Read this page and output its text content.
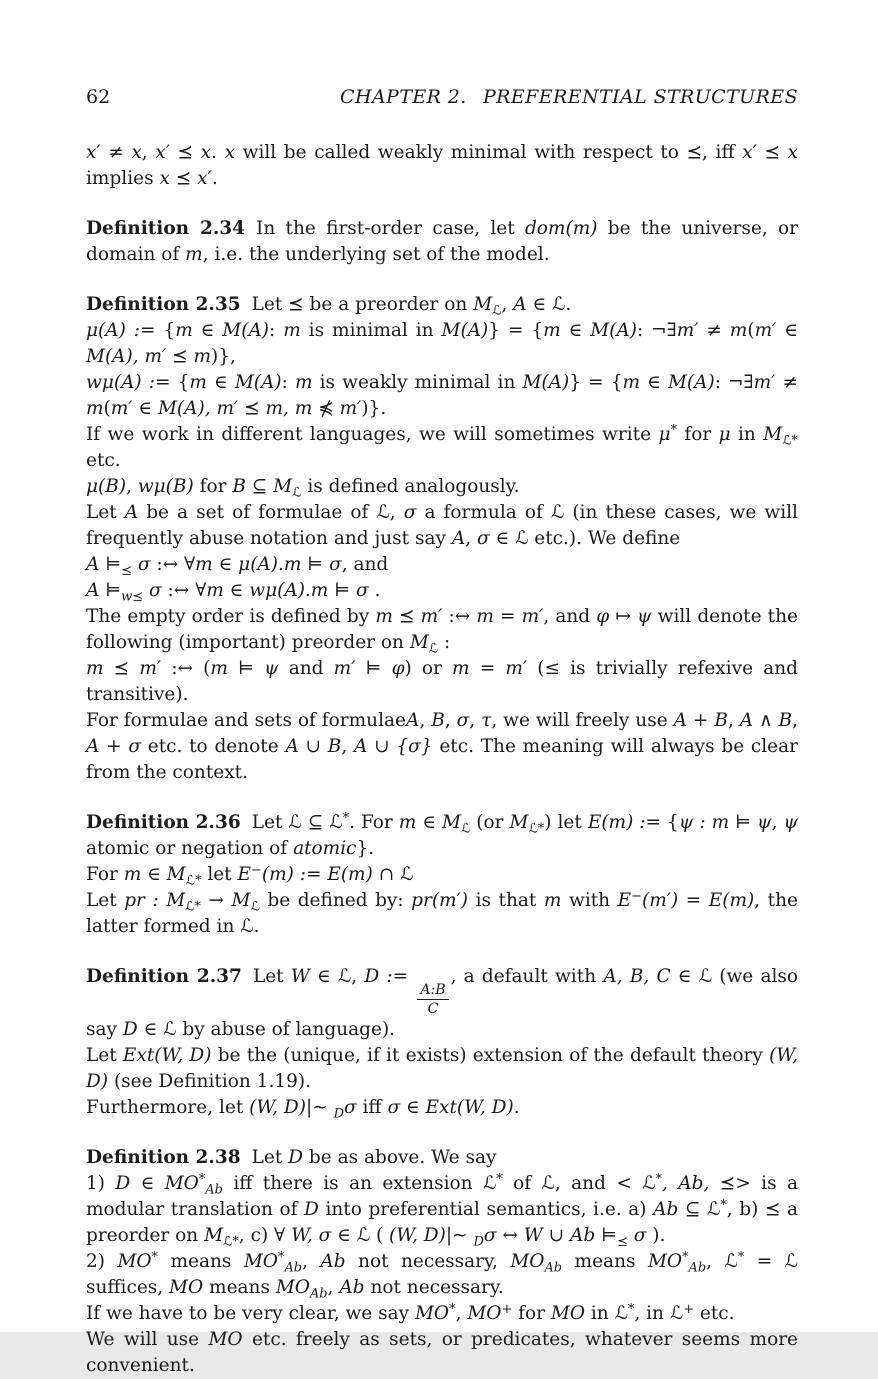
62	CHAPTER 2.  PREFERENTIAL STRUCTURES

x′ ≠ x, x′ ⪯ x. x will be called weakly minimal with respect to ⪯, iff x′ ⪯ x implies x ⪯ x′.

Definition 2.34 In the first-order case, let dom(m) be the universe, or domain of m, i.e. the underlying set of the model.

Definition 2.35 Let ⪯ be a preorder on $M_ℒ$, A ∈ ℒ.

μ(A) := {m ∈ M(A): m is minimal in M(A)} = {m ∈ M(A): ¬∃m′ ≠ m(m′ ∈ M(A), m′ ⪯ m)},

wμ(A) := {m ∈ M(A): m is weakly minimal in M(A)} = {m ∈ M(A): ¬∃m′ ≠ m(m′ ∈ M(A), m′ ⪯ m, m ⋠ m′)}.

If we work in different languages, we will sometimes write μ* for μ in $M_{ℒ*}$ etc.

μ(B), wμ(B) for B ⊆ $M_ℒ$ is defined analogously.

Let A be a set of formulae of ℒ, σ a formula of ℒ (in these cases, we will frequently abuse notation and just say A, σ ∈ ℒ etc.). We define

A $⊨_⪯$ σ :↔ ∀m ∈ μ(A).m ⊨ σ, and

A $⊨_{w⪯}$ σ :↔ ∀m ∈ wμ(A).m ⊨ σ .

The empty order is defined by m ⪯ m′ :↔ m = m′, and φ ↦ ψ will denote the following (important) preorder on $M_ℒ$ :

m ⪯ m′ :↔ (m ⊨ ψ and m′ ⊨ φ) or m = m′ (≤ is trivially refexive and transitive).

For formulae and sets of formulaeA, B, σ, τ, we will freely use A + B, A ∧ B, A + σ etc. to denote A ∪ B, A ∪ {σ} etc. The meaning will always be clear from the context.

Definition 2.36 Let ℒ ⊆ ℒ*. For m ∈ $M_ℒ$ (or $M_{ℒ*}$) let E(m) := {ψ : m ⊨ ψ, ψ atomic or negation of atomic}.

For m ∈ $M_{ℒ*}$ let E−(m) := E(m) ∩ ℒ

Let pr : $M_{ℒ*} \to M_ℒ$ be defined by: pr(m′) is that m with E−(m′) = E(m), the latter formed in ℒ.

Definition 2.37 Let W ∈ ℒ, D :=
$\frac{A:B}{C}$
, a default with A, B, C ∈ ℒ (we also say D ∈ ℒ by abuse of language).

Let Ext(W, D) be the (unique, if it exists) extension of the default theory (W, D) (see Definition 1.19).

Furthermore, let (W, D)|∼ $_D$σ iff σ ∈ Ext(W, D).

Definition 2.38 Let D be as above. We say

1) D ∈ $MO^*_{Ab}$ iff there is an extension ℒ* of ℒ, and < ℒ*, Ab, ⪯> is a modular translation of D into preferential semantics, i.e. a) Ab ⊆ ℒ*, b) ⪯ a preorder on $M_{ℒ*}$, c) ∀ W, σ ∈ ℒ ( (W, D)|∼ $_D$σ ↔ W ∪ Ab $⊨_⪯$ σ ).

2) MO* means $MO^*_{Ab}$, Ab not necessary, $MO_{Ab}$ means $MO^*_{Ab}$, ℒ* = ℒ suffices, MO means $MO_{Ab}$, Ab not necessary.

If we have to be very clear, we say MO*, MO+ for MO in ℒ*, in ℒ+ etc.

We will use MO etc. freely as sets, or predicates, whatever seems more convenient.
